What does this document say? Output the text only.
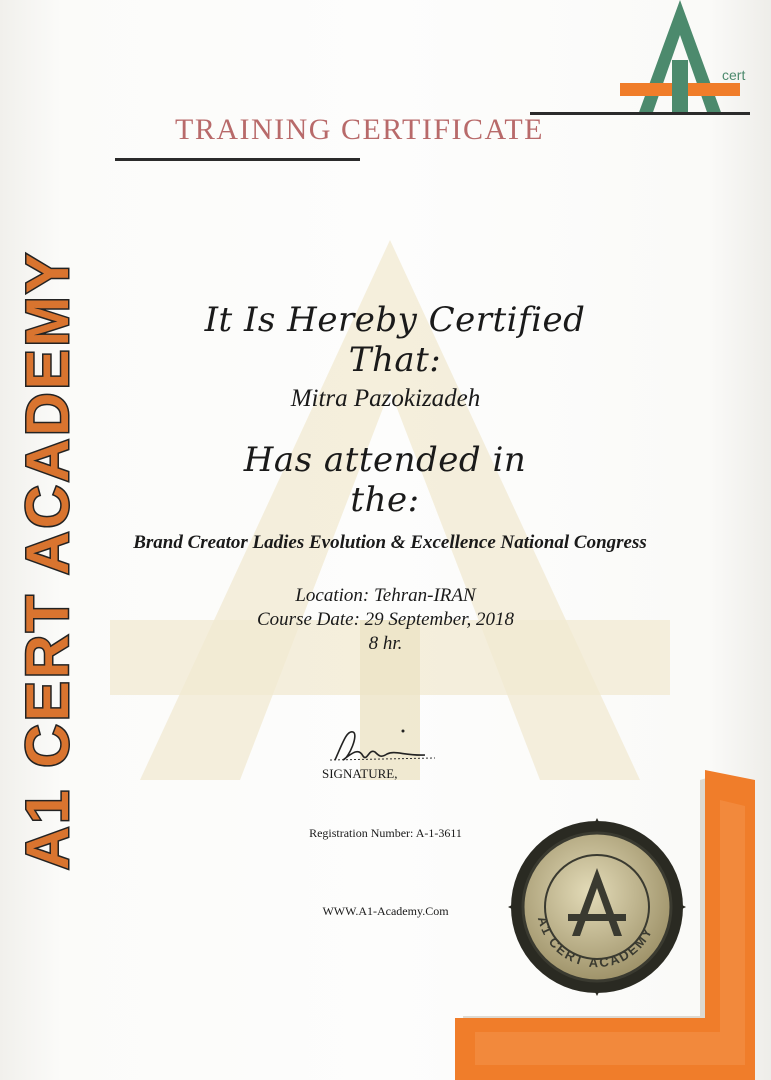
1	cert
TRAINING CERTIFICATE
A1 CERT ACADEMY	It Is Hereby Certified That:
Mitra Pazokizadeh
Has attended in the:
Brand Creator Ladies Evolution & Excellence National Congress
Location: Tehran-IRAN
Course Date: 29 September, 2018
8 hr.
SIGNATURE,
Registration Number: A-1-3611
WWW.A1-Academy.Com
A1 CERT ACADEMY
